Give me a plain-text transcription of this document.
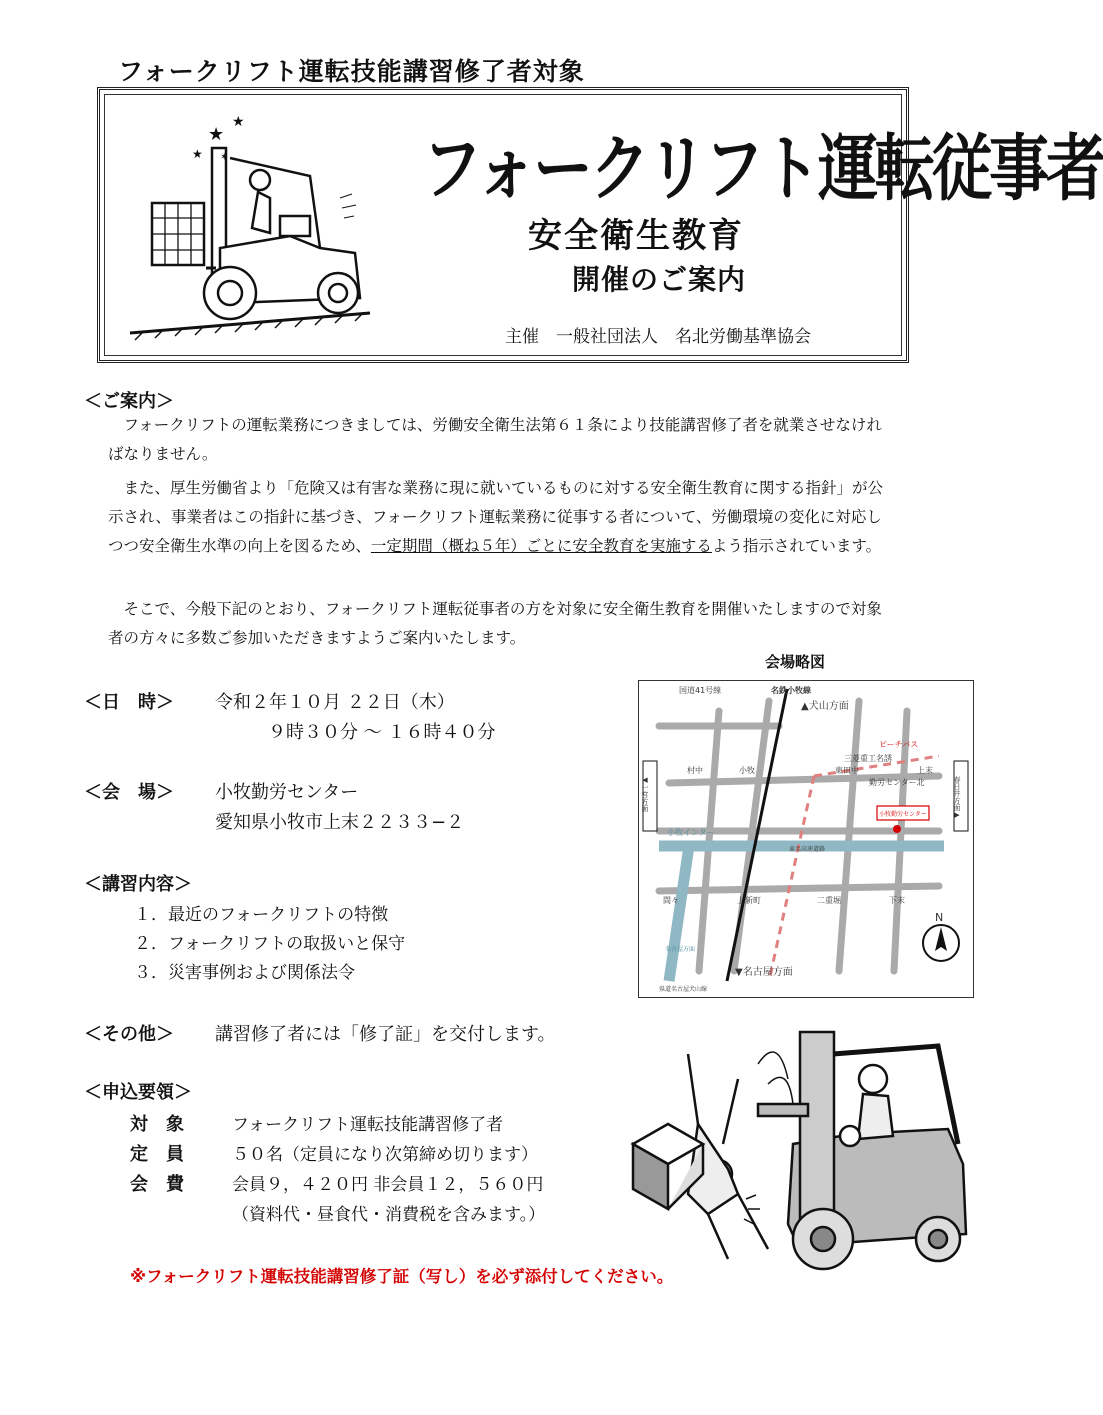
フォークリフト運転技能講習修了者対象
★
★
★ ✶	フォークリフト運転従事者
安全衛生教育
開催のご案内
主催　一般社団法人　名北労働基準協会
＜ご案内＞
フォークリフトの運転業務につきましては、労働安全衛生法第６１条により技能講習修了者を就業させなければなりません。
また、厚生労働省より「危険又は有害な業務に現に就いているものに対する安全衛生教育に関する指針」が公示され、事業者はこの指針に基づき、フォークリフト運転業務に従事する者について、労働環境の変化に対応しつつ安全衛生水準の向上を図るため、一定期間（概ね５年）ごとに安全教育を実施するよう指示されています。
そこで、今般下記のとおり、フォークリフト運転従事者の方を対象に安全衛生教育を開催いたしますので対象者の方々に多数ご参加いただきますようご案内いたします。
＜日　時＞ 令和２年１０月 ２２日（木）
９時３０分 ～ １６時４０分
＜会　場＞ 小牧勤労センター
愛知県小牧市上末２２３３−２
＜講習内容＞
１．最近のフォークリフトの特徴
２．フォークリフトの取扱いと保守
３．災害事例および関係法令
＜その他＞ 講習修了者には「修了証」を交付します。
＜申込要領＞
対　象	フォークリフト運転技能講習修了者
定　員	５０名（定員になり次第締め切ります）
会　費	会員９，４２０円 非会員１２，５６０円
（資料代・昼食代・消費税を含みます。）
会場略図
国道41号線	名鉄小牧線
▲犬山方面
ピーチバス
村中	小牧	東田中
三菱重工名誘
上末
勤労センター北
小牧勤労センター
小牧インター
東名高速道路
上新町	二重堀
間々	下末
▼名古屋方面
名古屋方面
県道名古屋犬山線
N
◀一宮方面	春日井方面▶
※フォークリフト運転技能講習修了証（写し）を必ず添付してください。
